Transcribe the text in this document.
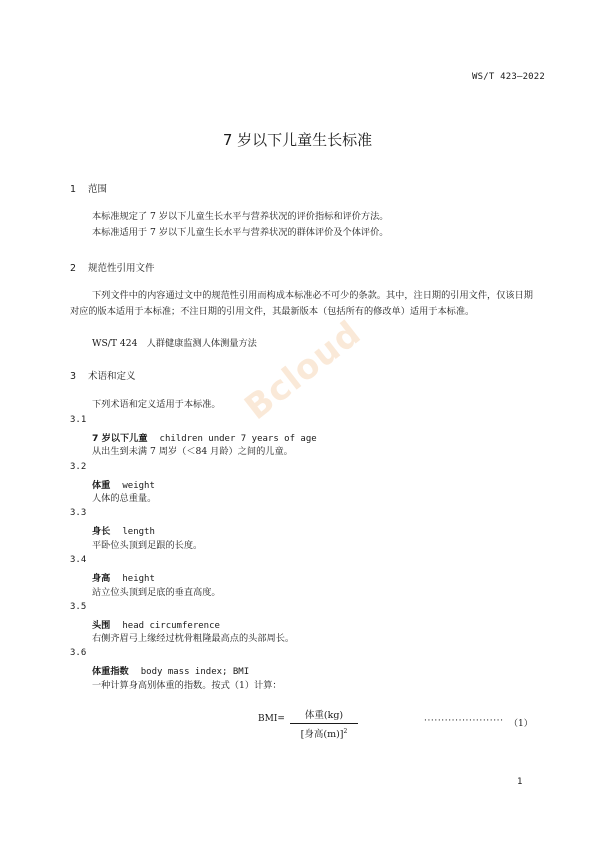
WS/T 423—2022
7 岁以下儿童生长标准
1 范围
本标准规定了 7 岁以下儿童生长水平与营养状况的评价指标和评价方法。
本标准适用于 7 岁以下儿童生长水平与营养状况的群体评价及个体评价。
2 规范性引用文件
下列文件中的内容通过文中的规范性引用而构成本标准必不可少的条款。其中，注日期的引用文件，仅该日期对应的版本适用于本标准；不注日期的引用文件，其最新版本（包括所有的修改单）适用于本标准。
WS/T 424　人群健康监测人体测量方法
3 术语和定义
下列术语和定义适用于本标准。
3.1
7 岁以下儿童 children under 7 years of age
从出生到未满 7 周岁（＜84 月龄）之间的儿童。
3.2
体重 weight
人体的总重量。
3.3
身长 length
平卧位头顶到足跟的长度。
3.4
身高 height
站立位头顶到足底的垂直高度。
3.5
头围 head circumference
右侧齐眉弓上缘经过枕骨粗隆最高点的头部周长。
3.6
体重指数 body mass index; BMI
一种计算身高别体重的指数。按式（1）计算：
BMI=	体重(kg)
[身高(m)]$^2$
······················· （1）
Bcloud
1
